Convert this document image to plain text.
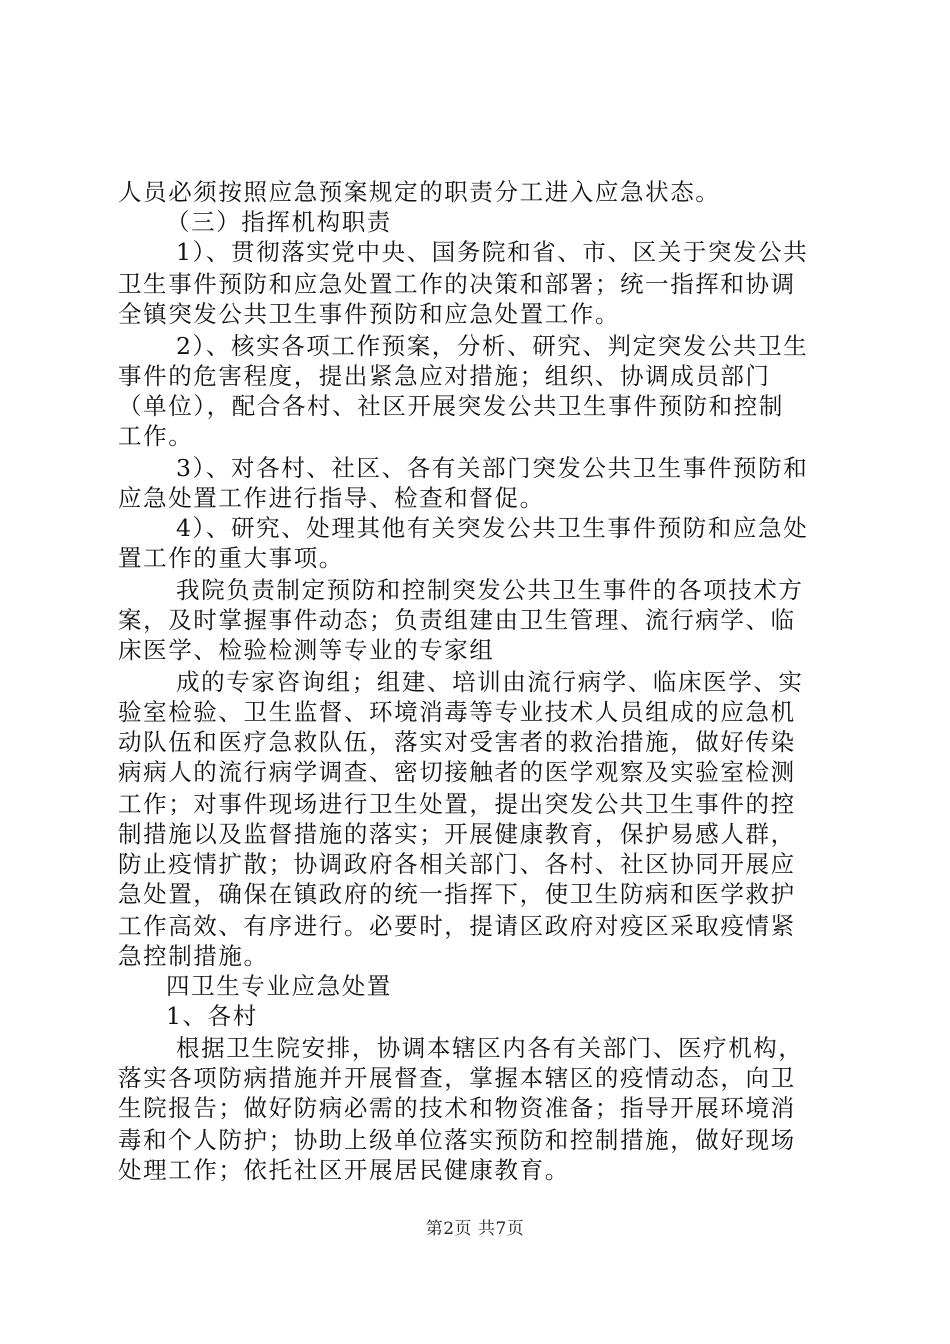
人员必须按照应急预案规定的职责分工进入应急状态。
（三）指挥机构职责
1）、贯彻落实党中央、国务院和省、市、区关于突发公共
卫生事件预防和应急处置工作的决策和部署；统一指挥和协调
全镇突发公共卫生事件预防和应急处置工作。
2）、核实各项工作预案，分析、研究、判定突发公共卫生
事件的危害程度，提出紧急应对措施；组织、协调成员部门
（单位），配合各村、社区开展突发公共卫生事件预防和控制
工作。
3）、对各村、社区、各有关部门突发公共卫生事件预防和
应急处置工作进行指导、检查和督促。
4）、研究、处理其他有关突发公共卫生事件预防和应急处
置工作的重大事项。
我院负责制定预防和控制突发公共卫生事件的各项技术方
案，及时掌握事件动态；负责组建由卫生管理、流行病学、临
床医学、检验检测等专业的专家组
成的专家咨询组；组建、培训由流行病学、临床医学、实
验室检验、卫生监督、环境消毒等专业技术人员组成的应急机
动队伍和医疗急救队伍，落实对受害者的救治措施，做好传染
病病人的流行病学调查、密切接触者的医学观察及实验室检测
工作；对事件现场进行卫生处置，提出突发公共卫生事件的控
制措施以及监督措施的落实；开展健康教育，保护易感人群，
防止疫情扩散；协调政府各相关部门、各村、社区协同开展应
急处置，确保在镇政府的统一指挥下，使卫生防病和医学救护
工作高效、有序进行。必要时，提请区政府对疫区采取疫情紧
急控制措施。
四卫生专业应急处置
1、各村
根据卫生院安排，协调本辖区内各有关部门、医疗机构，
落实各项防病措施并开展督查，掌握本辖区的疫情动态，向卫
生院报告；做好防病必需的技术和物资准备；指导开展环境消
毒和个人防护；协助上级单位落实预防和控制措施，做好现场
处理工作；依托社区开展居民健康教育。
第2页 共7页
